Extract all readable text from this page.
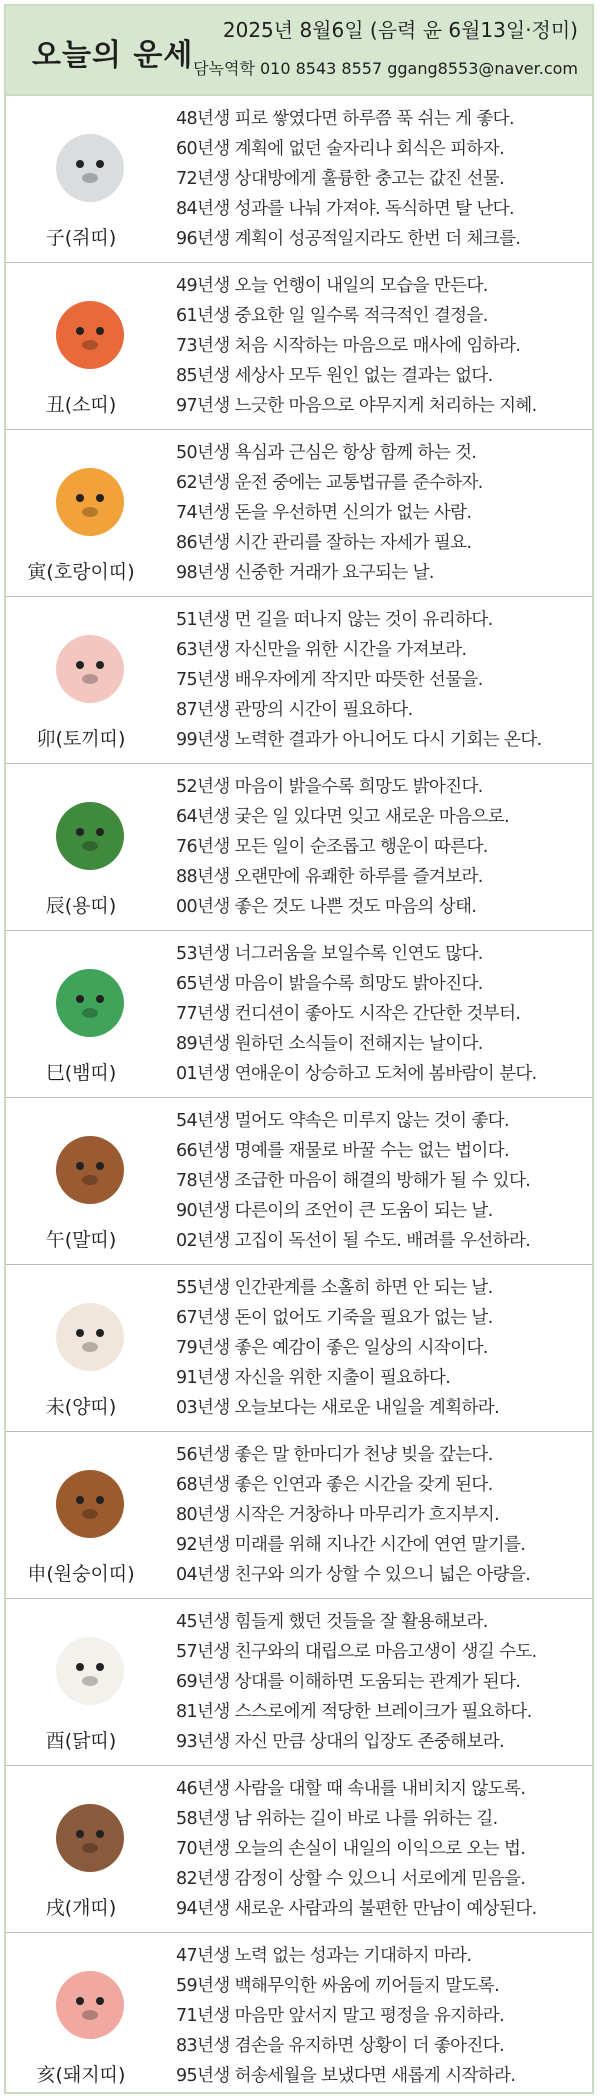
오늘의 운세
2025년 8월6일 (음력 윤 6월13일·정미)
담녹역학 010 8543 8557 ggang8553@naver.com
子(쥐띠)
48년생 피로 쌓였다면 하루쯤 푹 쉬는 게 좋다.
60년생 계획에 없던 술자리나 회식은 피하자.
72년생 상대방에게 훌륭한 충고는 값진 선물.
84년생 성과를 나눠 가져야. 독식하면 탈 난다.
96년생 계획이 성공적일지라도 한번 더 체크를.
丑(소띠)
49년생 오늘 언행이 내일의 모습을 만든다.
61년생 중요한 일 일수록 적극적인 결정을.
73년생 처음 시작하는 마음으로 매사에 임하라.
85년생 세상사 모두 원인 없는 결과는 없다.
97년생 느긋한 마음으로 야무지게 처리하는 지혜.
寅(호랑이띠)
50년생 욕심과 근심은 항상 함께 하는 것.
62년생 운전 중에는 교통법규를 준수하자.
74년생 돈을 우선하면 신의가 없는 사람.
86년생 시간 관리를 잘하는 자세가 필요.
98년생 신중한 거래가 요구되는 날.
卯(토끼띠)
51년생 먼 길을 떠나지 않는 것이 유리하다.
63년생 자신만을 위한 시간을 가져보라.
75년생 배우자에게 작지만 따뜻한 선물을.
87년생 관망의 시간이 필요하다.
99년생 노력한 결과가 아니어도 다시 기회는 온다.
辰(용띠)
52년생 마음이 밝을수록 희망도 밝아진다.
64년생 궂은 일 있다면 잊고 새로운 마음으로.
76년생 모든 일이 순조롭고 행운이 따른다.
88년생 오랜만에 유쾌한 하루를 즐겨보라.
00년생 좋은 것도 나쁜 것도 마음의 상태.
巳(뱀띠)
53년생 너그러움을 보일수록 인연도 많다.
65년생 마음이 밝을수록 희망도 밝아진다.
77년생 컨디션이 좋아도 시작은 간단한 것부터.
89년생 원하던 소식들이 전해지는 날이다.
01년생 연애운이 상승하고 도처에 봄바람이 분다.
午(말띠)
54년생 멀어도 약속은 미루지 않는 것이 좋다.
66년생 명예를 재물로 바꿀 수는 없는 법이다.
78년생 조급한 마음이 해결의 방해가 될 수 있다.
90년생 다른이의 조언이 큰 도움이 되는 날.
02년생 고집이 독선이 될 수도. 배려를 우선하라.
未(양띠)
55년생 인간관계를 소홀히 하면 안 되는 날.
67년생 돈이 없어도 기죽을 필요가 없는 날.
79년생 좋은 예감이 좋은 일상의 시작이다.
91년생 자신을 위한 지출이 필요하다.
03년생 오늘보다는 새로운 내일을 계획하라.
申(원숭이띠)
56년생 좋은 말 한마디가 천냥 빚을 갚는다.
68년생 좋은 인연과 좋은 시간을 갖게 된다.
80년생 시작은 거창하나 마무리가 흐지부지.
92년생 미래를 위해 지나간 시간에 연연 말기를.
04년생 친구와 의가 상할 수 있으니 넓은 아량을.
酉(닭띠)
45년생 힘들게 했던 것들을 잘 활용해보라.
57년생 친구와의 대립으로 마음고생이 생길 수도.
69년생 상대를 이해하면 도움되는 관계가 된다.
81년생 스스로에게 적당한 브레이크가 필요하다.
93년생 자신 만큼 상대의 입장도 존중해보라.
戌(개띠)
46년생 사람을 대할 때 속내를 내비치지 않도록.
58년생 남 위하는 길이 바로 나를 위하는 길.
70년생 오늘의 손실이 내일의 이익으로 오는 법.
82년생 감정이 상할 수 있으니 서로에게 믿음을.
94년생 새로운 사람과의 불편한 만남이 예상된다.
亥(돼지띠)
47년생 노력 없는 성과는 기대하지 마라.
59년생 백해무익한 싸움에 끼어들지 말도록.
71년생 마음만 앞서지 말고 평정을 유지하라.
83년생 겸손을 유지하면 상황이 더 좋아진다.
95년생 허송세월을 보냈다면 새롭게 시작하라.
